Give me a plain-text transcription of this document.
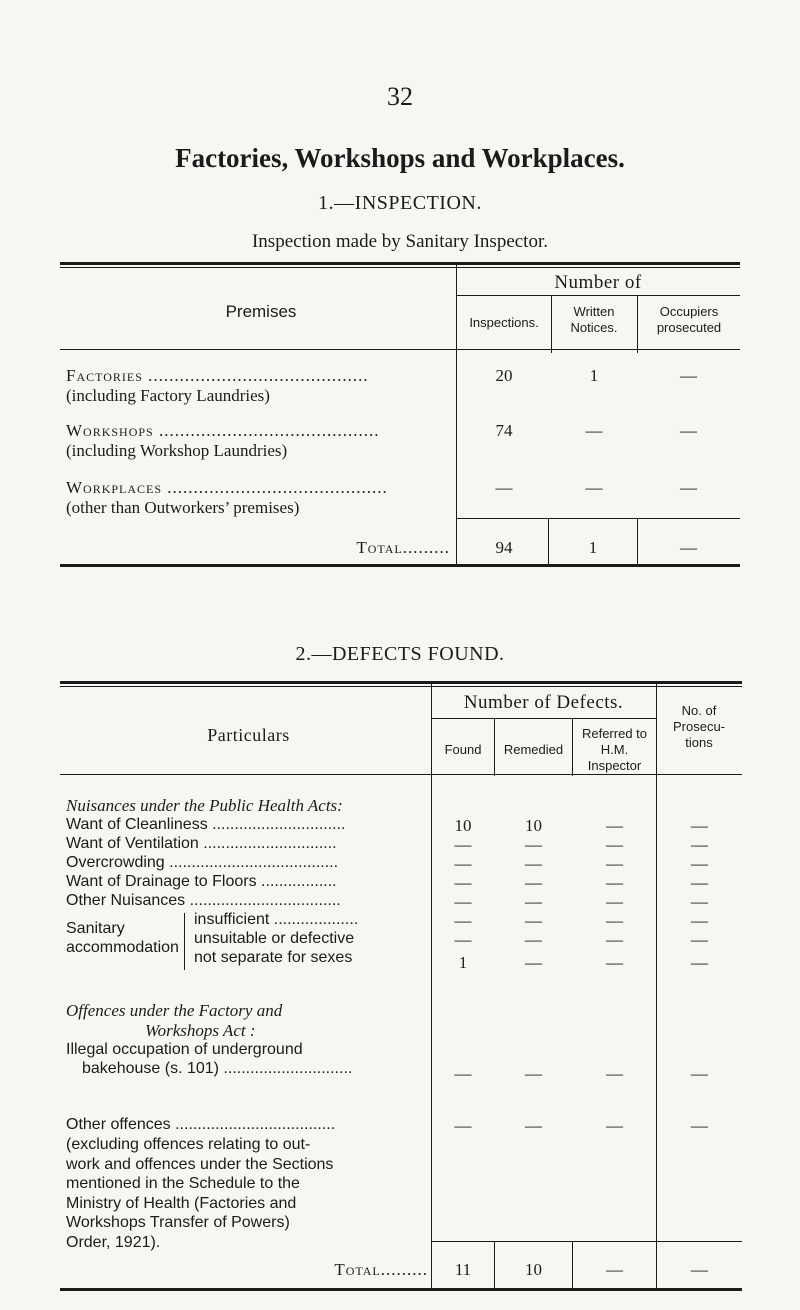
32
Factories, Workshops and Workplaces.
1.—INSPECTION.
Inspection made by Sanitary Inspector.
Premises
Number of
Inspections.
Written Notices.
Occupiers prosecuted
Factories ..........................................
(including Factory Laundries)
20	1	—
Workshops ..........................................
(including Workshop Laundries)
74	—	—
Workplaces ..........................................
(other than Outworkers’ premises)
—	—	—
Total.........	94	1	—
2.—DEFECTS FOUND.
Particulars
Number of Defects.	No. of Prosecu- tions
Found	Remedied
Referred to H.M. Inspector
Nuisances under the Public Health Acts:
Want of Cleanliness ..............................	10	10	—	—
Want of Ventilation ..............................	—	—	—	—
Overcrowding ......................................	—	—	—	—
Want of Drainage to Floors .................	—	—	—	—
Other Nuisances ..................................	—	—	—	—
Sanitary
accommodation
insufficient ...................	—	—	—	—
unsuitable or defective	—	—	—	—
not separate for sexes	1	—	—	—
Offences under the Factory and
Workshops Act :
Illegal occupation of underground
bakehouse (s. 101) .............................	—	—	—	—
Other offences ....................................	—	—	—	—
(excluding offences relating to out-
work and offences under the Sections
mentioned in the Schedule to the
Ministry of Health (Factories and
Workshops Transfer of Powers)
Order, 1921).
Total.........	11	10	—	—
